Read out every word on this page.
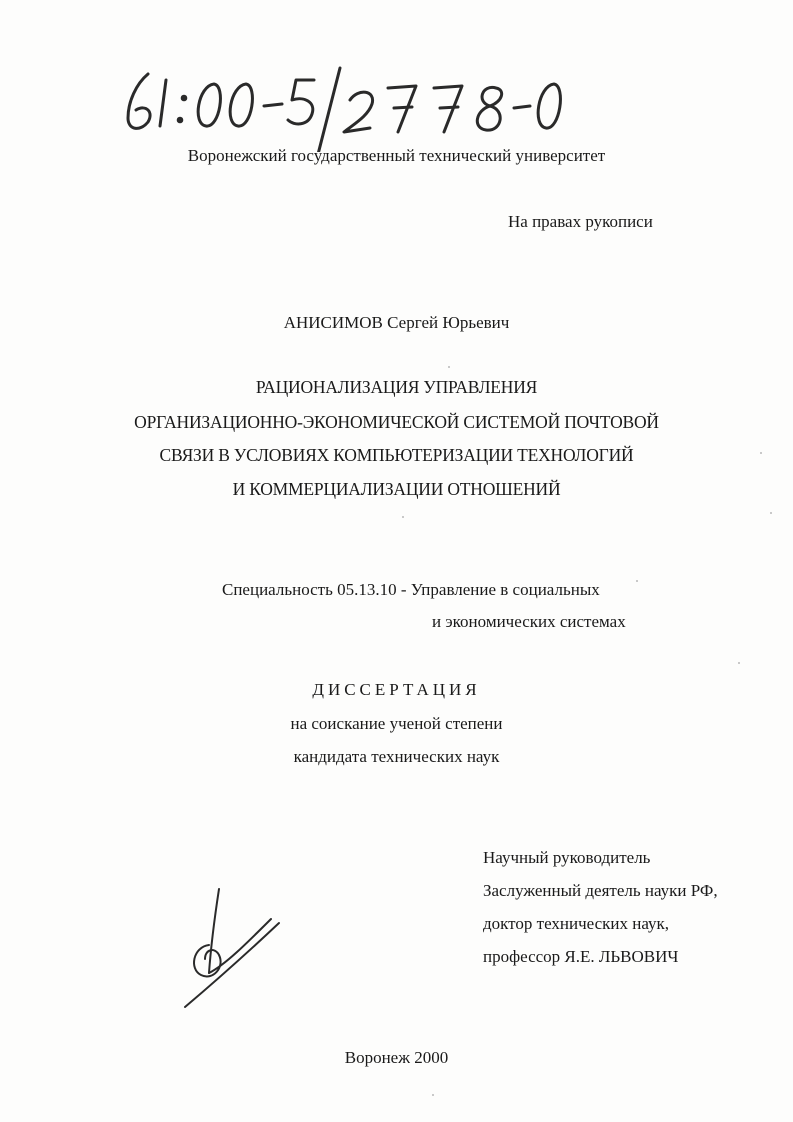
Воронежский государственный технический университет
На правах рукописи
АНИСИМОВ Сергей Юрьевич
РАЦИОНАЛИЗАЦИЯ УПРАВЛЕНИЯ
ОРГАНИЗАЦИОННО-ЭКОНОМИЧЕСКОЙ СИСТЕМОЙ ПОЧТОВОЙ
СВЯЗИ В УСЛОВИЯХ КОМПЬЮТЕРИЗАЦИИ ТЕХНОЛОГИЙ
И КОММЕРЦИАЛИЗАЦИИ ОТНОШЕНИЙ
Специальность 05.13.10 - Управление в социальных
и экономических системах
ДИССЕРТАЦИЯ
на соискание ученой степени
кандидата технических наук
Научный руководитель
Заслуженный деятель науки РФ,
доктор технических наук,
профессор Я.Е. ЛЬВОВИЧ
Воронеж 2000
